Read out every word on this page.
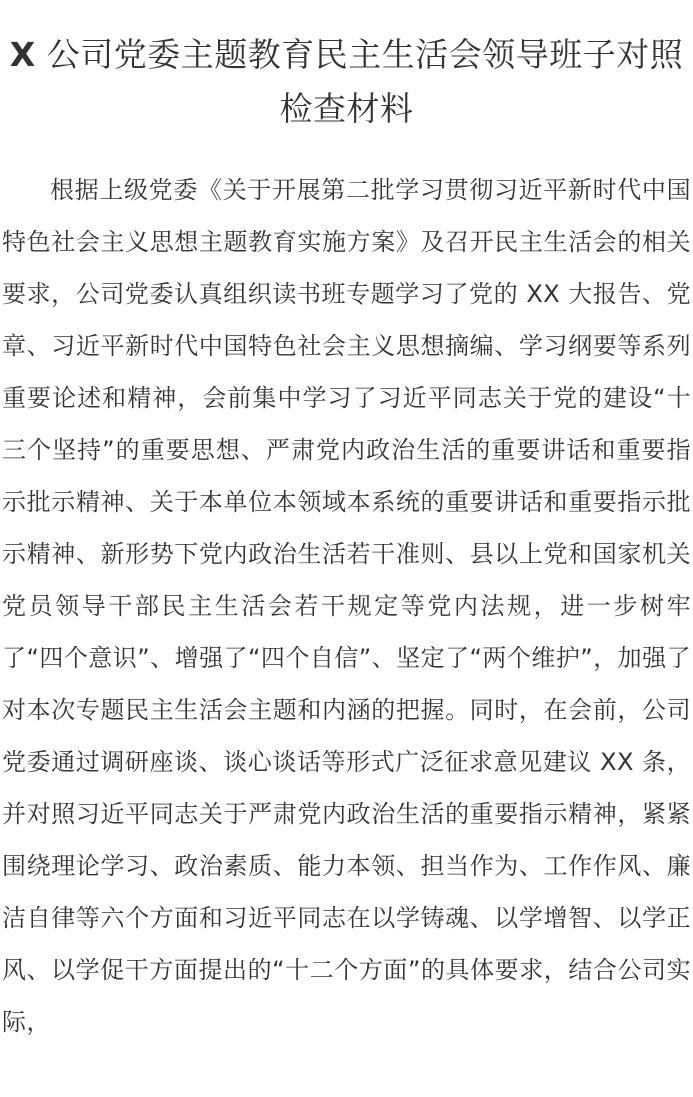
X 公司党委主题教育民主生活会领导班子对照检查材料

根据上级党委《关于开展第二批学习贯彻习近平新时代中国特色社会主义思想主题教育实施方案》及召开民主生活会的相关要求，公司党委认真组织读书班专题学习了党的 XX 大报告、党章、习近平新时代中国特色社会主义思想摘编、学习纲要等系列重要论述和精神，会前集中学习了习近平同志关于党的建设“十三个坚持”的重要思想、严肃党内政治生活的重要讲话和重要指示批示精神、关于本单位本领域本系统的重要讲话和重要指示批示精神、新形势下党内政治生活若干准则、县以上党和国家机关党员领导干部民主生活会若干规定等党内法规，进一步树牢了“四个意识”、增强了“四个自信”、坚定了“两个维护”，加强了对本次专题民主生活会主题和内涵的把握。同时，在会前，公司党委通过调研座谈、谈心谈话等形式广泛征求意见建议 XX 条，并对照习近平同志关于严肃党内政治生活的重要指示精神，紧紧围绕理论学习、政治素质、能力本领、担当作为、工作作风、廉洁自律等六个方面和习近平同志在以学铸魂、以学增智、以学正风、以学促干方面提出的“十二个方面”的具体要求，结合公司实际，
